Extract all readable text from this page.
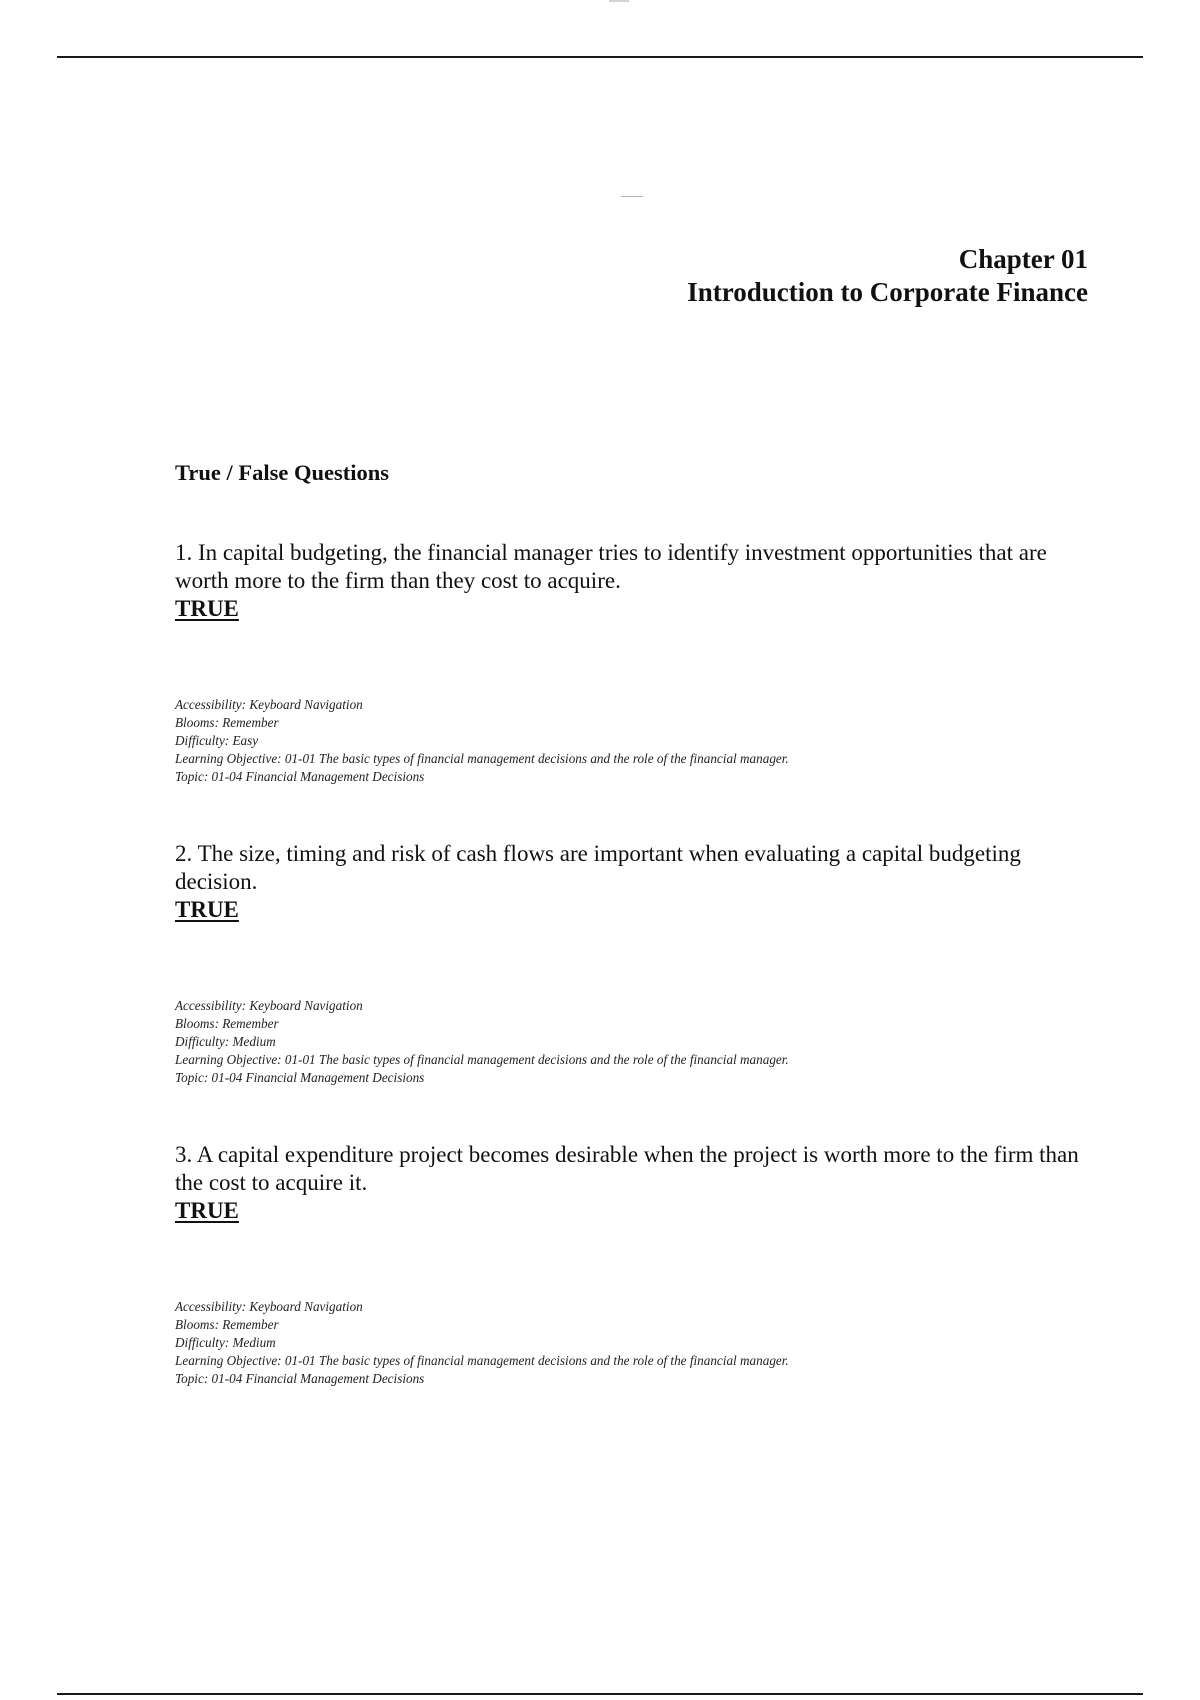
Chapter 01
Introduction to Corporate Finance
True / False Questions
1. In capital budgeting, the financial manager tries to identify investment opportunities that are worth more to the firm than they cost to acquire.
TRUE
Accessibility: Keyboard Navigation
Blooms: Remember
Difficulty: Easy
Learning Objective: 01-01 The basic types of financial management decisions and the role of the financial manager.
Topic: 01-04 Financial Management Decisions
2. The size, timing and risk of cash flows are important when evaluating a capital budgeting decision.
TRUE
Accessibility: Keyboard Navigation
Blooms: Remember
Difficulty: Medium
Learning Objective: 01-01 The basic types of financial management decisions and the role of the financial manager.
Topic: 01-04 Financial Management Decisions
3. A capital expenditure project becomes desirable when the project is worth more to the firm than the cost to acquire it.
TRUE
Accessibility: Keyboard Navigation
Blooms: Remember
Difficulty: Medium
Learning Objective: 01-01 The basic types of financial management decisions and the role of the financial manager.
Topic: 01-04 Financial Management Decisions
